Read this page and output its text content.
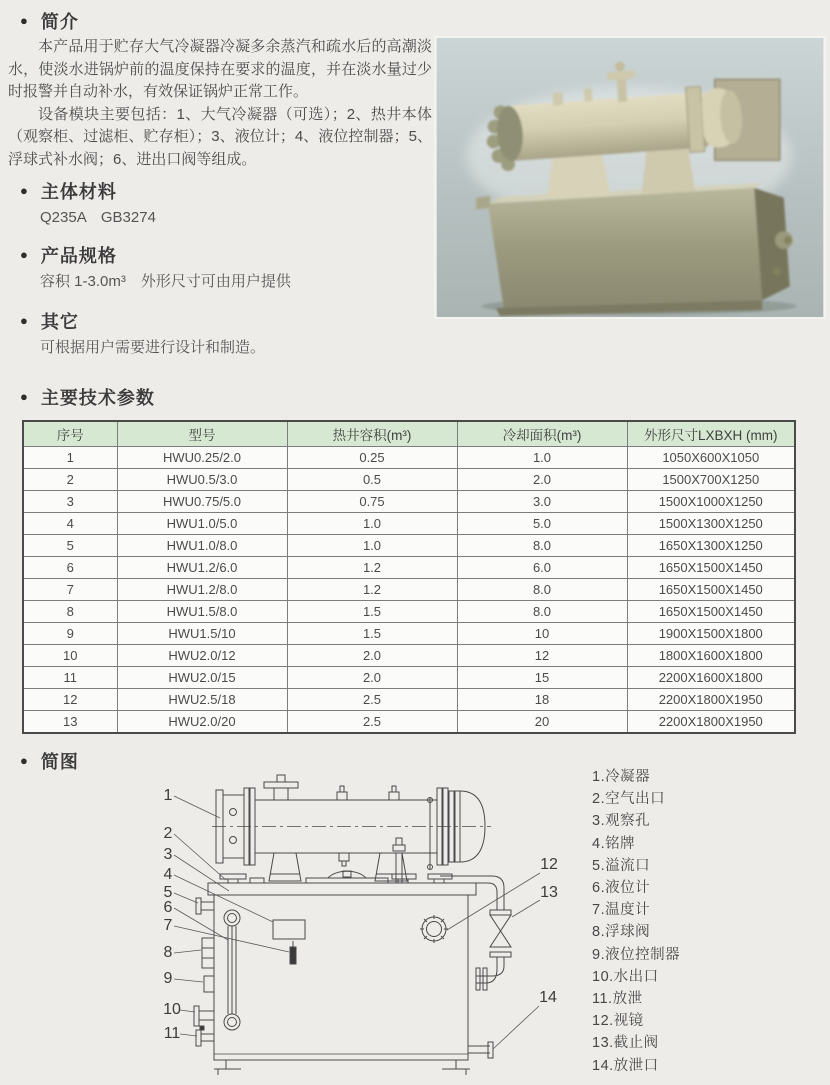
● 简介

本产品用于贮存大气冷凝器冷凝多余蒸汽和疏水后的高潮淡水，使淡水进锅炉前的温度保持在要求的温度，并在淡水量过少时报警并自动补水，有效保证锅炉正常工作。

设备模块主要包括：1、大气冷凝器（可选）；2、热井本体（观察柜、过滤柜、贮存柜）；3、液位计；4、液位控制器；5、浮球式补水阀；6、进出口阀等组成。

● 主体材料
Q235A　GB3274
● 产品规格
容积 1-3.0m³　外形尺寸可由用户提供
● 其它
可根据用户需要进行设计和制造。
● 主要技术参数
序号	型号	热井容积(m³)	冷却面积(m³)	外形尺寸LXBXH (mm)
1	HWU0.25/2.0	0.25	1.0	1050X600X1050
2	HWU0.5/3.0	0.5	2.0	1500X700X1250
3	HWU0.75/5.0	0.75	3.0	1500X1000X1250
4	HWU1.0/5.0	1.0	5.0	1500X1300X1250
5	HWU1.0/8.0	1.0	8.0	1650X1300X1250
6	HWU1.2/6.0	1.2	6.0	1650X1500X1450
7	HWU1.2/8.0	1.2	8.0	1650X1500X1450
8	HWU1.5/8.0	1.5	8.0	1650X1500X1450
9	HWU1.5/10	1.5	10	1900X1500X1800
10	HWU2.0/12	2.0	12	1800X1600X1800
11	HWU2.0/15	2.0	15	2200X1600X1800
12	HWU2.5/18	2.5	18	2200X1800X1950
13	HWU2.0/20	2.5	20	2200X1800X1950
● 简图
1
2
3
4
5
6
7
8
9
10
11
12
13
14
1.冷凝器
2.空气出口
3.观察孔
4.铭牌
5.溢流口
6.液位计
7.温度计
8.浮球阀
9.液位控制器
10.水出口
11.放泄
12.视镜
13.截止阀
14.放泄口
